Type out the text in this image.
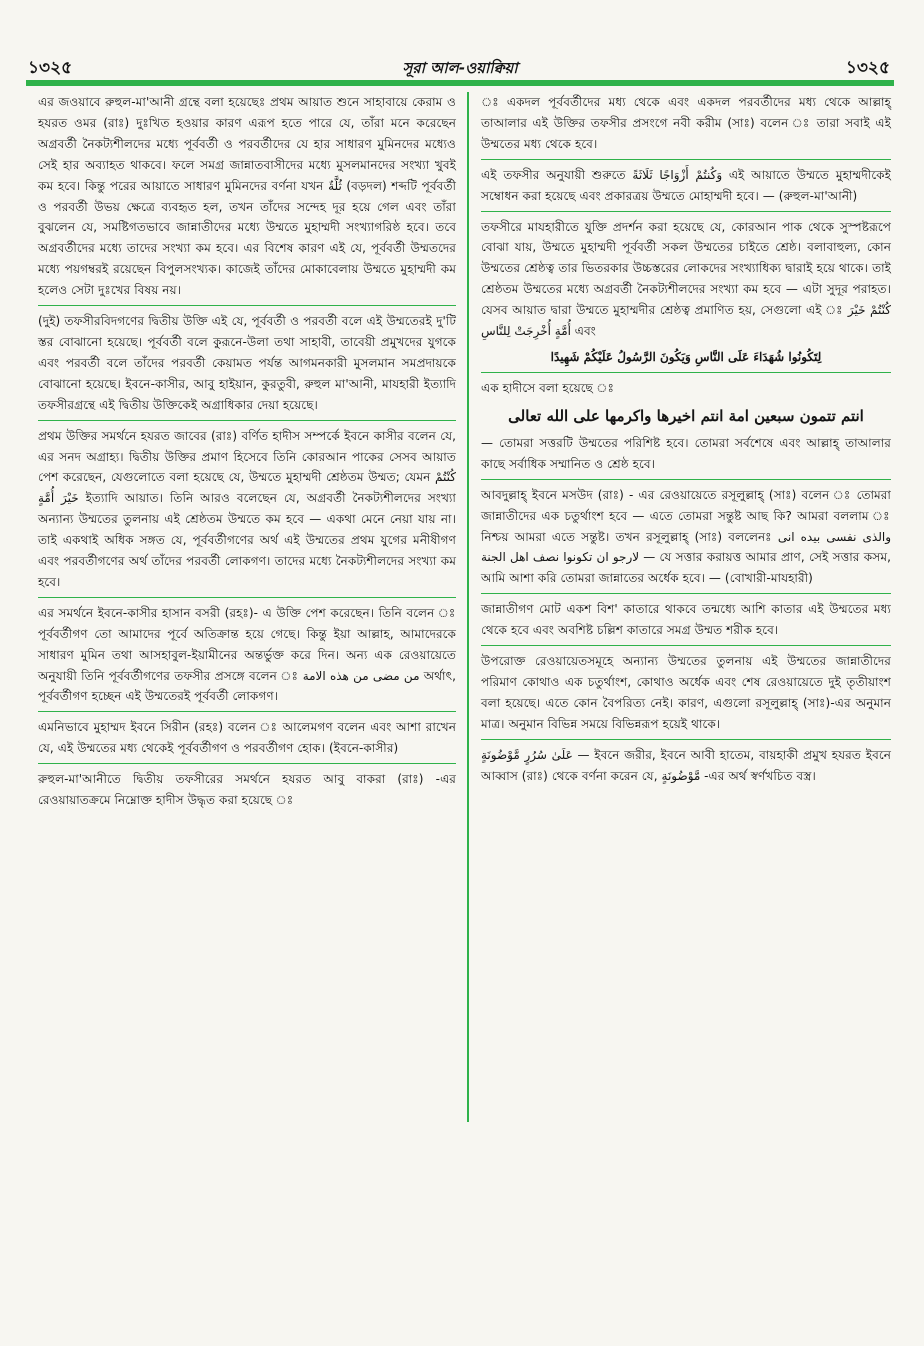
১৩২৫	সূরা আল-ওয়াক্বিয়া	১৩২৫

এর জওয়াবে রুহুল-মা'আনী গ্রন্থে বলা হয়েছেঃ প্রথম আয়াত শুনে সাহাবায়ে কেরাম ও হযরত ওমর (রাঃ) দুঃখিত হওয়ার কারণ এরূপ হতে পারে যে, তাঁরা মনে করেছেন অগ্রবর্তী নৈকট্যশীলদের মধ্যে পূর্ববর্তী ও পরবর্তীদের যে হার সাধারণ মুমিনদের মধ্যেও সেই হার অব্যাহত থাকবে। ফলে সমগ্র জান্নাতবাসীদের মধ্যে মুসলমানদের সংখ্যা খুবই কম হবে। কিন্তু পরের আয়াতে সাধারণ মুমিনদের বর্ণনা যখন ثُلَّةٌ (বড়দল) শব্দটি পূর্ববর্তী ও পরবর্তী উভয় ক্ষেত্রে ব্যবহৃত হল, তখন তাঁদের সন্দেহ দূর হয়ে গেল এবং তাঁরা বুঝলেন যে, সমষ্টিগতভাবে জান্নাতীদের মধ্যে উম্মতে মুহাম্মদী সংখ্যাগরিষ্ঠ হবে। তবে অগ্রবর্তীদের মধ্যে তাদের সংখ্যা কম হবে। এর বিশেষ কারণ এই যে, পূর্ববর্তী উম্মতদের মধ্যে পয়গম্বরই রয়েছেন বিপুলসংখ্যক। কাজেই তাঁদের মোকাবেলায় উম্মতে মুহাম্মদী কম হলেও সেটা দুঃখের বিষয় নয়।

(দুই) তফসীরবিদগণের দ্বিতীয় উক্তি এই যে, পূর্ববর্তী ও পরবর্তী বলে এই উম্মতেরই দু'টি স্তর বোঝানো হয়েছে। পূর্ববর্তী বলে কুরূনে-উলা তথা সাহাবী, তাবেয়ী প্রমুখদের যুগকে এবং পরবর্তী বলে তাঁদের পরবর্তী কেয়ামত পর্যন্ত আগমনকারী মুসলমান সমপ্রদায়কে বোঝানো হয়েছে। ইবনে-কাসীর, আবু হাইয়ান, কুরতুবী, রুহুল মা'আনী, মাযহারী ইত্যাদি তফসীরগ্রন্থে এই দ্বিতীয় উক্তিকেই অগ্রাধিকার দেয়া হয়েছে।

প্রথম উক্তির সমর্থনে হযরত জাবের (রাঃ) বর্ণিত হাদীস সম্পর্কে ইবনে কাসীর বলেন যে, এর সনদ অগ্রাহ্য। দ্বিতীয় উক্তির প্রমাণ হিসেবে তিনি কোরআন পাকের সেসব আয়াত পেশ করেছেন, যেগুলোতে বলা হয়েছে যে, উম্মতে মুহাম্মদী শ্রেষ্ঠতম উম্মত; যেমন كُنْتُمْ خَيْرَ أُمَّةٍ ইত্যাদি আয়াত। তিনি আরও বলেছেন যে, অগ্রবর্তী নৈকট্যশীলদের সংখ্যা অন্যান্য উম্মতের তুলনায় এই শ্রেষ্ঠতম উম্মতে কম হবে — একথা মেনে নেয়া যায় না। তাই একথাই অধিক সঙ্গত যে, পূর্ববর্তীগণের অর্থ এই উম্মতের প্রথম যুগের মনীষীগণ এবং পরবর্তীগণের অর্থ তাঁদের পরবর্তী লোকগণ। তাদের মধ্যে নৈকট্যশীলদের সংখ্যা কম হবে।

এর সমর্থনে ইবনে-কাসীর হাসান বসরী (রহঃ)- এ উক্তি পেশ করেছেন। তিনি বলেন ঃ পূর্ববর্তীগণ তো আমাদের পূর্বে অতিক্রান্ত হয়ে গেছে। কিন্তু ইয়া আল্লাহ, আমাদেরকে সাধারণ মুমিন তথা আসহাবুল-ইয়ামীনের অন্তর্ভুক্ত করে দিন। অন্য এক রেওয়ায়েতে অনুযায়ী তিনি পূর্ববর্তীগণের তফসীর প্রসঙ্গে বলেন ঃ من مضى من هذه الامة অর্থাৎ, পূর্ববর্তীগণ হচ্ছেন এই উম্মতেরই পূর্ববর্তী লোকগণ।

এমনিভাবে মুহাম্মদ ইবনে সিরীন (রহঃ) বলেন ঃ আলেমগণ বলেন এবং আশা রাখেন যে, এই উম্মতের মধ্য থেকেই পূর্ববর্তীগণ ও পরবর্তীগণ হোক। (ইবনে-কাসীর)

রুহুল-মা'আনীতে দ্বিতীয় তফসীরের সমর্থনে হযরত আবু বাকরা (রাঃ) -এর রেওয়ায়াতক্রমে নিম্নোক্ত হাদীস উদ্ধৃত করা হয়েছে ঃ

ঃ একদল পূর্ববর্তীদের মধ্য থেকে এবং একদল পরবর্তীদের মধ্য থেকে আল্লাহ্ তাআলার এই উক্তির তফসীর প্রসংগে নবী করীম (সাঃ) বলেন ঃ তারা সবাই এই উম্মতের মধ্য থেকে হবে।

এই তফসীর অনুযায়ী শুরুতে وَكُنتُمْ أَزْوَاجًا ثَلَاثَةً এই আয়াতে উম্মতে মুহাম্মদীকেই সম্বোধন করা হয়েছে এবং প্রকারত্রয় উম্মতে মোহাম্মদী হবে। — (রুহুল-মা'আনী)

তফসীরে মাযহারীতে যুক্তি প্রদর্শন করা হয়েছে যে, কোরআন পাক থেকে সুস্পষ্টরূপে বোঝা যায়, উম্মতে মুহাম্মদী পূর্ববর্তী সকল উম্মতের চাইতে শ্রেষ্ঠ। বলাবাহুল্য, কোন উম্মতের শ্রেষ্ঠত্ব তার ভিতরকার উচ্চস্তরের লোকদের সংখ্যাধিক্য দ্বারাই হয়ে থাকে। তাই শ্রেষ্ঠতম উম্মতের মধ্যে অগ্রবর্তী নৈকট্যশীলদের সংখ্যা কম হবে — এটা সুদূর পরাহত। যেসব আয়াত দ্বারা উম্মতে মুহাম্মদীর শ্রেষ্ঠত্ব প্রমাণিত হয়, সেগুলো এই ঃ كُنْتُمْ خَيْرَ أُمَّةٍ أُخْرِجَتْ لِلنَّاسِ এবং

لِتَكُونُوا شُهَدَاءَ عَلَى النَّاسِ وَيَكُونَ الرَّسُولُ عَلَيْكُمْ شَهِيدًا

এক হাদীসে বলা হয়েছে ঃ

انتم تتمون سبعين امة انتم اخيرها واكرمها على الله تعالى

— তোমরা সত্তরটি উম্মতের পরিশিষ্ট হবে। তোমরা সর্বশেষে এবং আল্লাহ্ তাআলার কাছে সর্বাধিক সম্মানিত ও শ্রেষ্ঠ হবে।

আবদুল্লাহ্ ইবনে মসউদ (রাঃ) - এর রেওয়ায়েতে রসূলুল্লাহ্ (সাঃ) বলেন ঃ তোমরা জান্নাতীদের এক চতুর্থাংশ হবে — এতে তোমরা সন্তুষ্ট আছ কি? আমরা বললাম ঃ নিশ্চয় আমরা এতে সন্তুষ্ট। তখন রসূলুল্লাহ্ (সাঃ) বললেনঃ والذى نفسى بيده انى لارجو ان تكونوا نصف اهل الجنة — যে সত্তার করায়ত্ত আমার প্রাণ, সেই সত্তার কসম, আমি আশা করি তোমরা জান্নাতের অর্ধেক হবে। — (বোখারী-মাযহারী)

জান্নাতীগণ মোট একশ বিশ' কাতারে থাকবে তন্মধ্যে আশি কাতার এই উম্মতের মধ্য থেকে হবে এবং অবশিষ্ট চল্লিশ কাতারে সমগ্র উম্মত শরীক হবে।

উপরোক্ত রেওয়ায়েতসমূহে অন্যান্য উম্মতের তুলনায় এই উম্মতের জান্নাতীদের পরিমাণ কোথাও এক চতুর্থাংশ, কোথাও অর্ধেক এবং শেষ রেওয়ায়েতে দুই তৃতীয়াংশ বলা হয়েছে। এতে কোন বৈপরিত্য নেই। কারণ, এগুলো রসূলুল্লাহ্ (সাঃ)-এর অনুমান মাত্র। অনুমান বিভিন্ন সময়ে বিভিন্নরূপ হয়েই থাকে।

عَلَىٰ سُرُرٍ مَّوْضُونَةٍ — ইবনে জরীর, ইবনে আবী হাতেম, বায়হাকী প্রমুখ হযরত ইবনে আব্বাস (রাঃ) থেকে বর্ণনা করেন যে, مَّوْضُونَةٍ -এর অর্থ স্বর্ণখচিত বস্ত্র।
